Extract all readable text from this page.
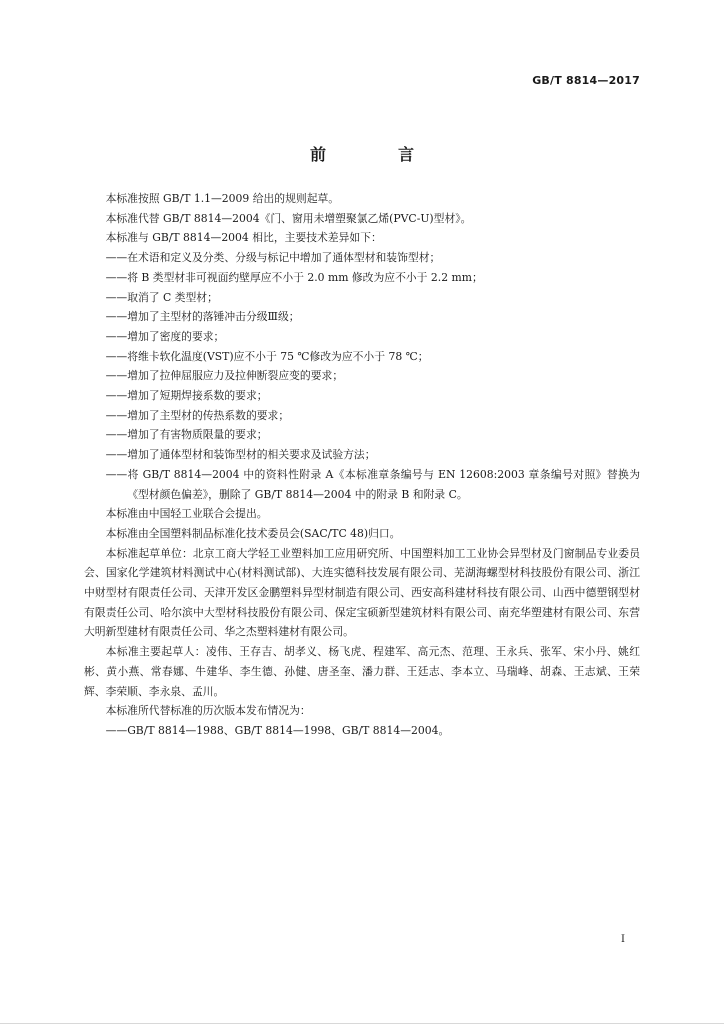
GB/T 8814—2017
前　言

本标准按照 GB/T 1.1—2009 给出的规则起草。

本标准代替 GB/T 8814—2004《门、窗用未增塑聚氯乙烯(PVC-U)型材》。

本标准与 GB/T 8814—2004 相比，主要技术差异如下：

——在术语和定义及分类、分级与标记中增加了通体型材和装饰型材；

——将 B 类型材非可视面约壁厚应不小于 2.0 mm 修改为应不小于 2.2 mm；

——取消了 C 类型材；

——增加了主型材的落锤冲击分级Ⅲ级；

——增加了密度的要求；

——将维卡软化温度(VST)应不小于 75 ℃修改为应不小于 78 ℃；

——增加了拉伸屈服应力及拉伸断裂应变的要求；

——增加了短期焊接系数的要求；

——增加了主型材的传热系数的要求；

——增加了有害物质限量的要求；

——增加了通体型材和装饰型材的相关要求及试验方法；

——将 GB/T 8814—2004 中的资料性附录 A《本标准章条编号与 EN 12608:2003 章条编号对照》替换为《型材颜色偏差》，删除了 GB/T 8814—2004 中的附录 B 和附录 C。

本标准由中国轻工业联合会提出。

本标准由全国塑料制品标准化技术委员会(SAC/TC 48)归口。

本标准起草单位：北京工商大学轻工业塑料加工应用研究所、中国塑料加工工业协会异型材及门窗制品专业委员会、国家化学建筑材料测试中心(材料测试部)、大连实德科技发展有限公司、芜湖海螺型材科技股份有限公司、浙江中财型材有限责任公司、天津开发区金鹏塑料异型材制造有限公司、西安高科建材科技有限公司、山西中德塑钢型材有限责任公司、哈尔滨中大型材科技股份有限公司、保定宝硕新型建筑材料有限公司、南充华塑建材有限公司、东营大明新型建材有限责任公司、华之杰塑料建材有限公司。

本标准主要起草人：凌伟、王存吉、胡孝义、杨飞虎、程建军、高元杰、范理、王永兵、张军、宋小丹、姚红彬、黄小燕、常春娜、牛建华、李生德、孙健、唐圣奎、潘力群、王廷志、李本立、马瑞峰、胡森、王志斌、王荣辉、李荣顺、李永泉、孟川。

本标准所代替标准的历次版本发布情况为：

——GB/T 8814—1988、GB/T 8814—1998、GB/T 8814—2004。

I
